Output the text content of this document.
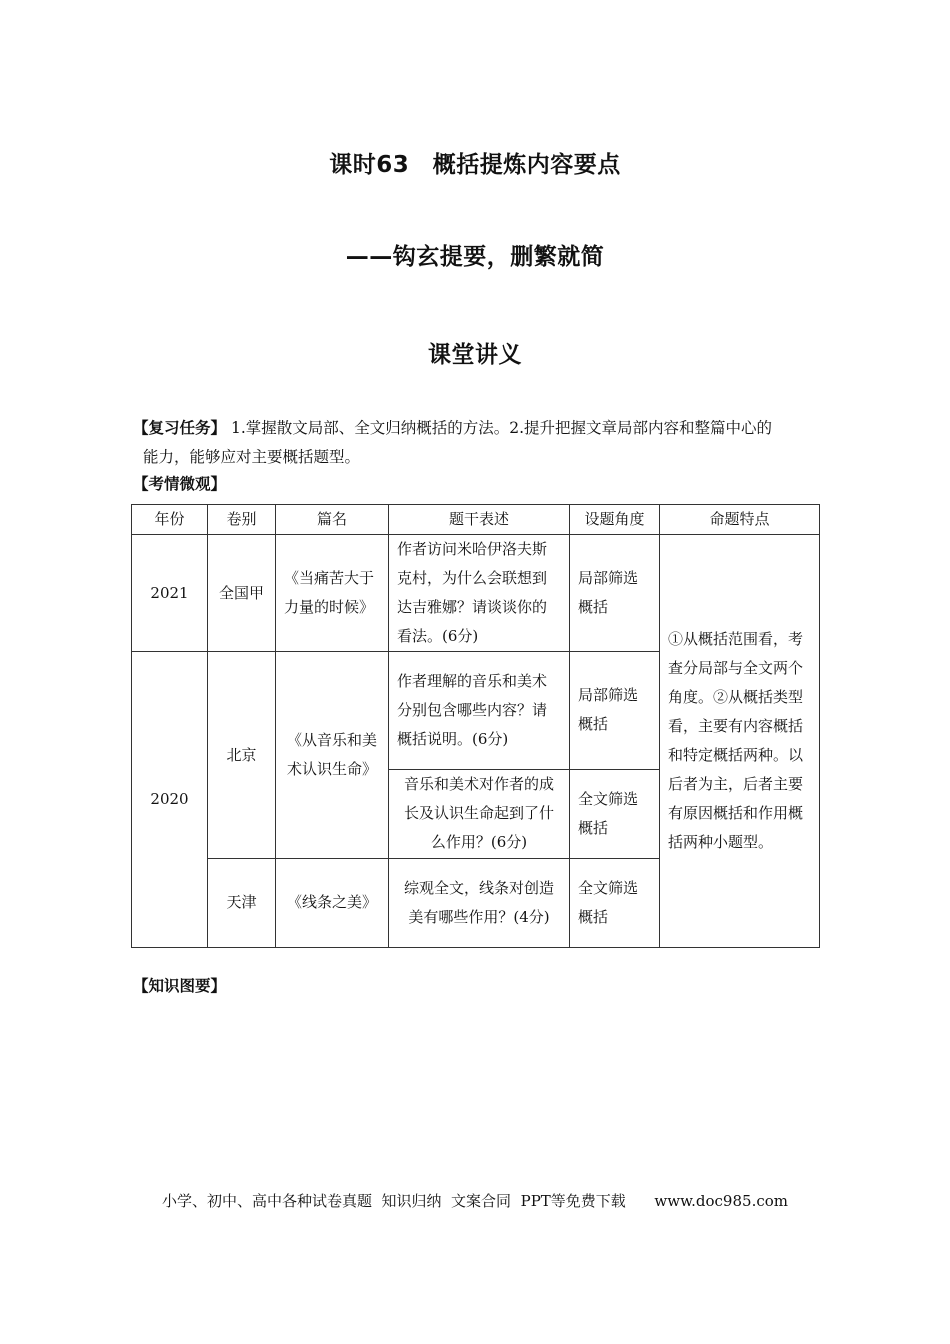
课时63　概括提炼内容要点
——钩玄提要，删繁就简
课堂讲义
【复习任务】 1.掌握散文局部、全文归纳概括的方法。2.提升把握文章局部内容和整篇中心的
能力，能够应对主要概括题型。
【考情微观】
年份	卷别	篇名	题干表述	设题角度	命题特点
2021	全国甲	《当痛苦大于力量的时候》	作者访问米哈伊洛夫斯克村，为什么会联想到达吉雅娜？请谈谈你的看法。(6分)	局部筛选概括	①从概括范围看，考查分局部与全文两个角度。②从概括类型看，主要有内容概括和特定概括两种。以后者为主，后者主要有原因概括和作用概括两种小题型。
2020	北京	《从音乐和美术认识生命》	作者理解的音乐和美术分别包含哪些内容？请概括说明。(6分)	局部筛选概括	
			音乐和美术对作者的成长及认识生命起到了什么作用？(6分)	全文筛选概括	
	天津	《线条之美》	综观全文，线条对创造美有哪些作用？(4分)	全文筛选概括	
【知识图要】
小学、初中、高中各种试卷真题  知识归纳  文案合同  PPT等免费下载      www.doc985.com
